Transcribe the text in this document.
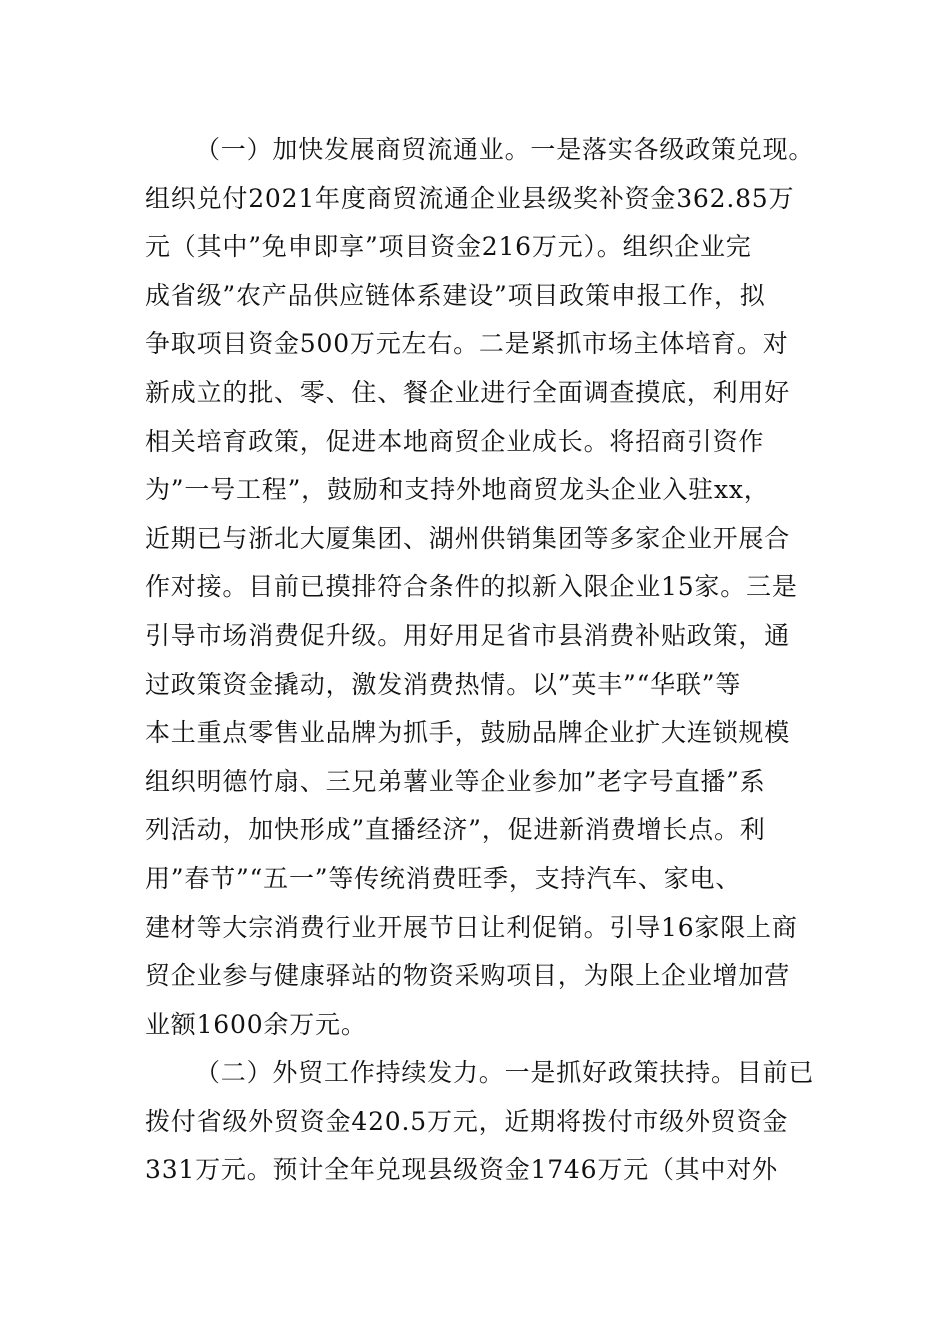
（一）加快发展商贸流通业。一是落实各级政策兑现。
组织兑付2021年度商贸流通企业县级奖补资金362.85万
元（其中”免申即享”项目资金216万元）。组织企业完
成省级”农产品供应链体系建设”项目政策申报工作，拟
争取项目资金500万元左右。二是紧抓市场主体培育。对
新成立的批、零、住、餐企业进行全面调查摸底，利用好
相关培育政策，促进本地商贸企业成长。将招商引资作
为”一号工程”，鼓励和支持外地商贸龙头企业入驻xx，
近期已与浙北大厦集团、湖州供销集团等多家企业开展合
作对接。目前已摸排符合条件的拟新入限企业15家。三是
引导市场消费促升级。用好用足省市县消费补贴政策，通
过政策资金撬动，激发消费热情。以”英丰”“华联”等
本土重点零售业品牌为抓手，鼓励品牌企业扩大连锁规模
组织明德竹扇、三兄弟薯业等企业参加”老字号直播”系
列活动，加快形成”直播经济”，促进新消费增长点。利
用”春节”“五一”等传统消费旺季，支持汽车、家电、
建材等大宗消费行业开展节日让利促销。引导16家限上商
贸企业参与健康驿站的物资采购项目，为限上企业增加营
业额1600余万元。
（二）外贸工作持续发力。一是抓好政策扶持。目前已
拨付省级外贸资金420.5万元，近期将拨付市级外贸资金
331万元。预计全年兑现县级资金1746万元（其中对外
